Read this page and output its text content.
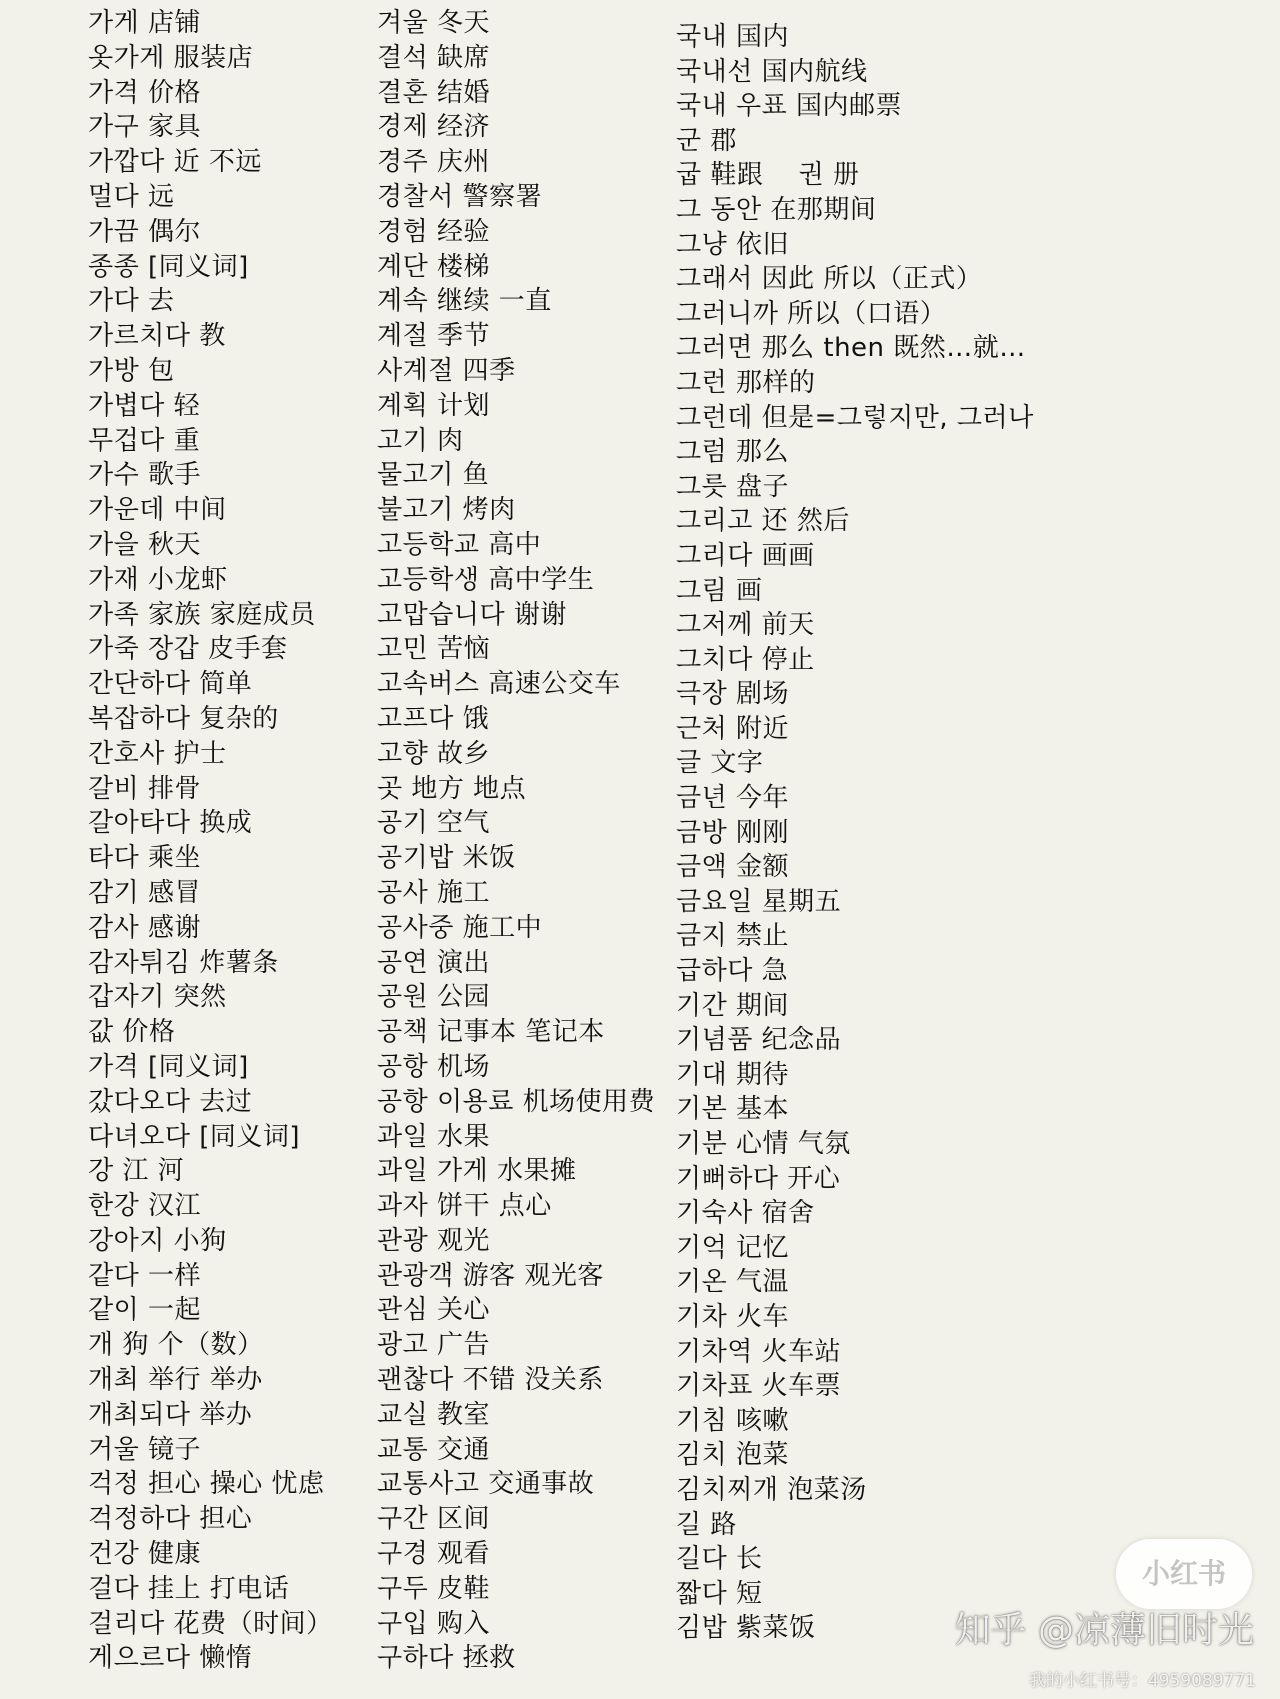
가게 店铺
옷가게 服装店
가격 价格
가구 家具
가깝다 近 不远
멀다 远
가끔 偶尔
종종 [同义词]
가다 去
가르치다 教
가방 包
가볍다 轻
무겁다 重
가수 歌手
가운데 中间
가을 秋天
가재 小龙虾
가족 家族 家庭成员
가죽 장갑 皮手套
간단하다 简单
복잡하다 复杂的
간호사 护士
갈비 排骨
갈아타다 换成
타다 乘坐
감기 感冒
감사 感谢
감자튀김 炸薯条
갑자기 突然
값 价格
가격 [同义词]
갔다오다 去过
다녀오다 [同义词]
강 江 河
한강 汉江
강아지 小狗
같다 一样
같이 一起
개 狗 个（数）
개최 举行 举办
개최되다 举办
거울 镜子
걱정 担心 操心 忧虑
걱정하다 担心
건강 健康
걸다 挂上 打电话
걸리다 花费（时间）
게으르다 懒惰
겨울 冬天
결석 缺席
결혼 结婚
경제 经济
경주 庆州
경찰서 警察署
경험 经验
계단 楼梯
계속 继续 一直
계절 季节
사계절 四季
계획 计划
고기 肉
물고기 鱼
불고기 烤肉
고등학교 高中
고등학생 高中学生
고맙습니다 谢谢
고민 苦恼
고속버스 高速公交车
고프다 饿
고향 故乡
곳 地方 地点
공기 空气
공기밥 米饭
공사 施工
공사중 施工中
공연 演出
공원 公园
공책 记事本 笔记本
공항 机场
공항 이용료 机场使用费
과일 水果
과일 가게 水果摊
과자 饼干 点心
관광 观光
관광객 游客 观光客
관심 关心
광고 广告
괜찮다 不错 没关系
교실 教室
교통 交通
교통사고 交通事故
구간 区间
구경 观看
구두 皮鞋
구입 购入
구하다 拯救
국내 国内
국내선 国内航线
국내 우표 国内邮票
군 郡
굽 鞋跟　 권 册
그 동안 在那期间
그냥 依旧
그래서 因此 所以（正式）
그러니까 所以（口语）
그러면 那么 then 既然…就…
그런 那样的
그런데 但是=그렇지만, 그러나
그럼 那么
그릇 盘子
그리고 还 然后
그리다 画画
그림 画
그저께 前天
그치다 停止
극장 剧场
근처 附近
글 文字
금년 今年
금방 刚刚
금액 金额
금요일 星期五
금지 禁止
급하다 急
기간 期间
기념품 纪念品
기대 期待
기본 基本
기분 心情 气氛
기뻐하다 开心
기숙사 宿舍
기억 记忆
기온 气温
기차 火车
기차역 火车站
기차표 火车票
기침 咳嗽
김치 泡菜
김치찌개 泡菜汤
길 路
길다 长
짧다 短
김밥 紫菜饭
小红书
知乎 @凉薄旧时光
我的小红书号：4959089771
